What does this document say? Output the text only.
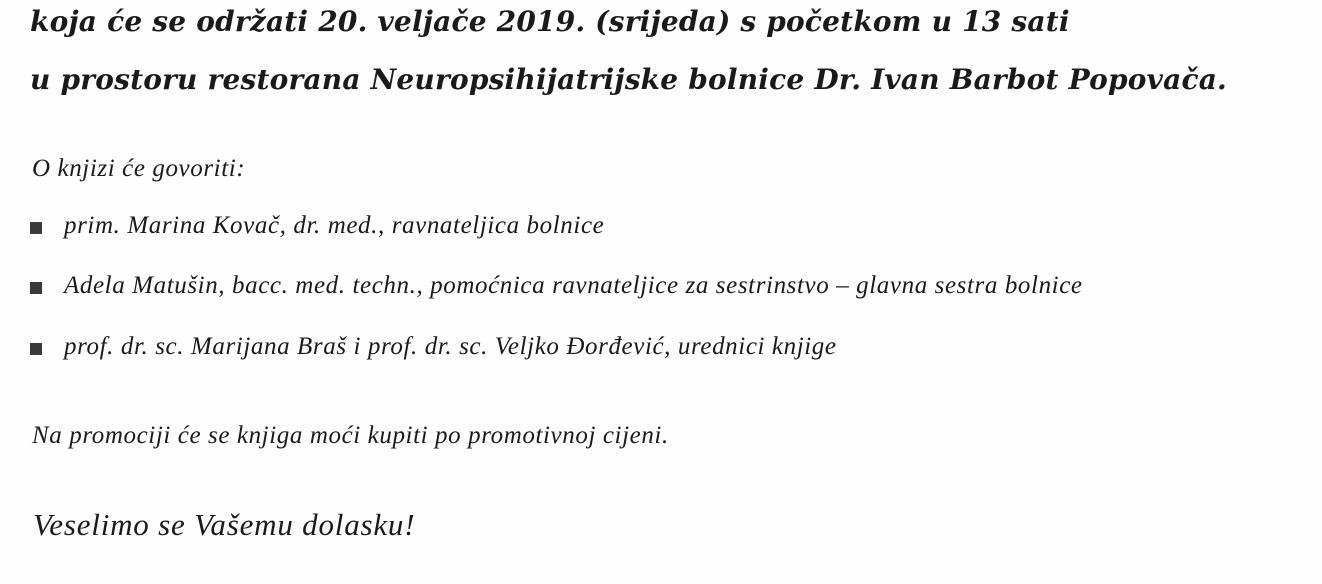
koja će se održati 20. veljače 2019. (srijeda) s početkom u 13 sati
u prostoru restorana Neuropsihijatrijske bolnice Dr. Ivan Barbot Popovača.
O knjizi će govoriti:
prim. Marina Kovač, dr. med., ravnateljica bolnice
Adela Matušin, bacc. med. techn., pomoćnica ravnateljice za sestrinstvo – glavna sestra bolnice
prof. dr. sc. Marijana Braš i prof. dr. sc. Veljko Đorđević, urednici knjige
Na promociji će se knjiga moći kupiti po promotivnoj cijeni.
Veselimo se Vašemu dolasku!
